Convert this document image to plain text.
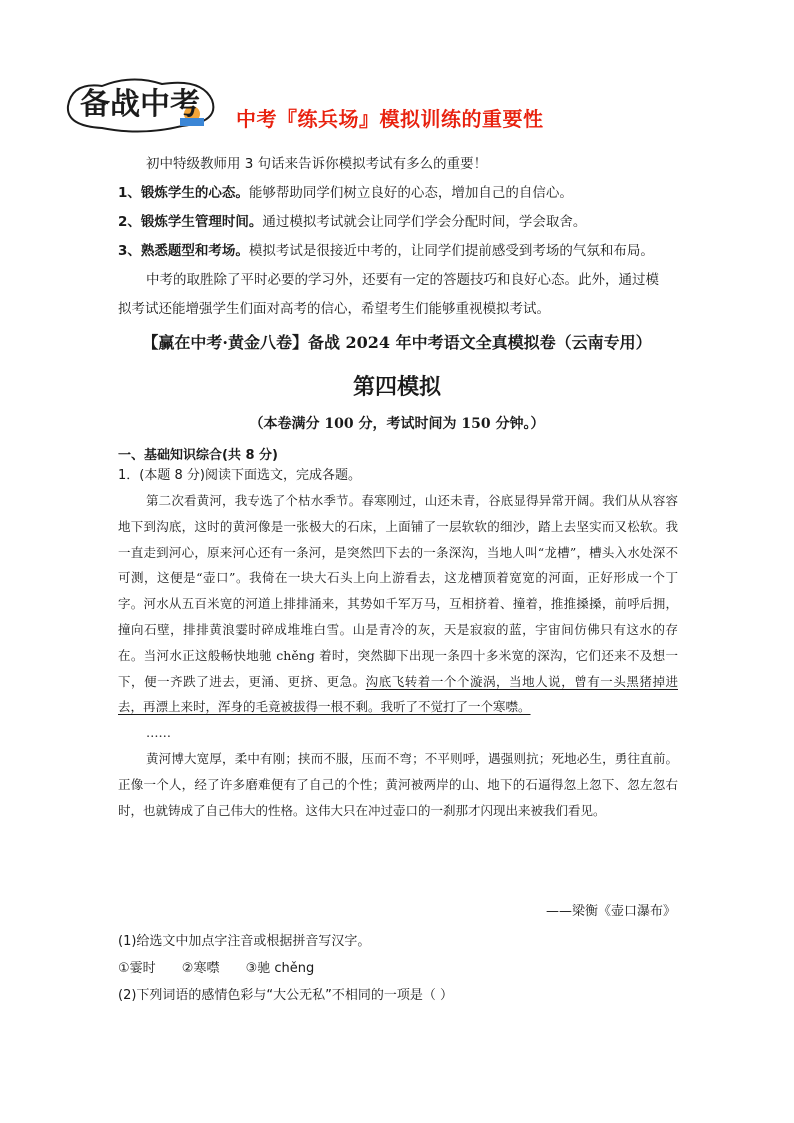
备战中考 中考『练兵场』模拟训练的重要性

初中特级教师用 3 句话来告诉你模拟考试有多么的重要！

1、锻炼学生的心态。能够帮助同学们树立良好的心态，增加自己的自信心。

2、锻炼学生管理时间。通过模拟考试就会让同学们学会分配时间，学会取舍。

3、熟悉题型和考场。模拟考试是很接近中考的，让同学们提前感受到考场的气氛和布局。

中考的取胜除了平时必要的学习外，还要有一定的答题技巧和良好心态。此外，通过模

拟考试还能增强学生们面对高考的信心，希望考生们能够重视模拟考试。

【赢在中考·黄金八卷】备战 2024 年中考语文全真模拟卷（云南专用）
第四模拟
（本卷满分 100 分，考试时间为 150 分钟。）
一、基础知识综合(共 8 分)
1．(本题 8 分)阅读下面选文，完成各题。

第二次看黄河，我专选了个枯水季节。春寒刚过，山还未青，谷底显得异常开阔。我们从从容容地下到沟底，这时的黄河像是一张极大的石床，上面铺了一层软软的细沙，踏上去坚实而又松软。我一直走到河心，原来河心还有一条河，是突然凹下去的一条深沟，当地人叫“龙槽”，槽头入水处深不可测，这便是“壶口”。我倚在一块大石头上向上游看去，这龙槽顶着宽宽的河面，正好形成一个丁字。河水从五百米宽的河道上排排涌来，其势如千军万马，互相挤着、撞着，推推搡搡，前呼后拥，撞向石壁，排排黄浪霎时碎成堆堆白雪。山是青冷的灰，天是寂寂的蓝，宇宙间仿佛只有这水的存在。当河水正这般畅快地驰 chěng 着时，突然脚下出现一条四十多米宽的深沟，它们还来不及想一下，便一齐跌了进去，更涌、更挤、更急。沟底飞转着一个个漩涡，当地人说，曾有一头黑猪掉进去，再漂上来时，浑身的毛竟被拔得一根不剩。我听了不觉打了一个寒噤。

……

黄河博大宽厚，柔中有刚；挟而不服，压而不弯；不平则呼，遇强则抗；死地必生，勇往直前。正像一个人，经了许多磨难便有了自己的个性；黄河被两岸的山、地下的石逼得忽上忽下、忽左忽右时，也就铸成了自己伟大的性格。这伟大只在冲过壶口的一刹那才闪现出来被我们看见。

——梁衡《壶口瀑布》
(1)给选文中加点字注音或根据拼音写汉字。
①霎时 ②寒噤 ③驰 chěng
(2)下列词语的感情色彩与“大公无私”不相同的一项是（ ）
